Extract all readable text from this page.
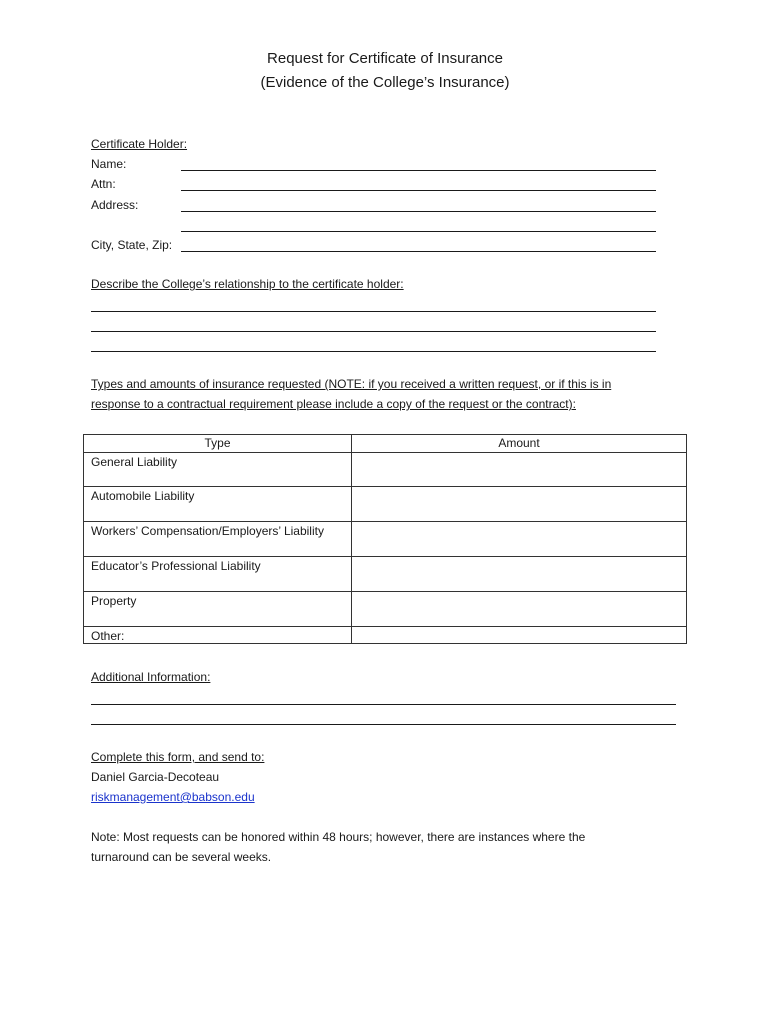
Request for Certificate of Insurance
(Evidence of the College’s Insurance)
Certificate Holder:
Name:
Attn:
Address:
City, State, Zip:
Describe the College’s relationship to the certificate holder:
Types and amounts of insurance requested (NOTE: if you received a written request, or if this is in
response to a contractual requirement please include a copy of the request or the contract):
Type	Amount
General Liability	
Automobile Liability	
Workers’ Compensation/Employers’ Liability	
Educator’s Professional Liability	
Property	
Other:	
Additional Information:
Complete this form, and send to:
Daniel Garcia-Decoteau
riskmanagement@babson.edu
Note: Most requests can be honored within 48 hours; however, there are instances where the
turnaround can be several weeks.
